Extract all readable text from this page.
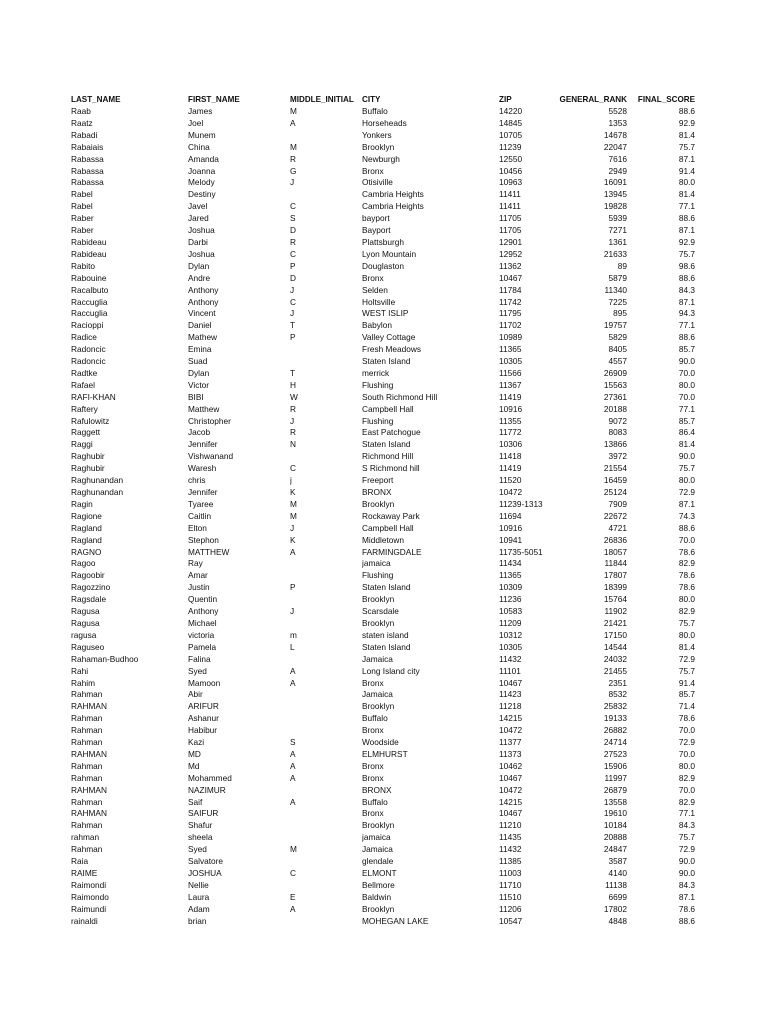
LAST_NAME	FIRST_NAME	MIDDLE_INITIAL	CITY	ZIP	GENERAL_RANK	FINAL_SCORE
Raab	James	M	Buffalo	14220	5528	88.6
Raatz	Joel	A	Horseheads	14845	1353	92.9
Rabadi	Munem		Yonkers	10705	14678	81.4
Rabaiais	China	M	Brooklyn	11239	22047	75.7
Rabassa	Amanda	R	Newburgh	12550	7616	87.1
Rabassa	Joanna	G	Bronx	10456	2949	91.4
Rabassa	Melody	J	Otisiville	10963	16091	80.0
Rabel	Destiny		Cambria Heights	11411	13945	81.4
Rabel	Javel	C	Cambria Heights	11411	19828	77.1
Raber	Jared	S	bayport	11705	5939	88.6
Raber	Joshua	D	Bayport	11705	7271	87.1
Rabideau	Darbi	R	Plattsburgh	12901	1361	92.9
Rabideau	Joshua	C	Lyon Mountain	12952	21633	75.7
Rabito	Dylan	P	Douglaston	11362	89	98.6
Rabouine	Andre	D	Bronx	10467	5879	88.6
Racalbuto	Anthony	J	Selden	11784	11340	84.3
Raccuglia	Anthony	C	Holtsville	11742	7225	87.1
Raccuglia	Vincent	J	WEST ISLIP	11795	895	94.3
Racioppi	Daniel	T	Babylon	11702	19757	77.1
Radice	Mathew	P	Valley Cottage	10989	5829	88.6
Radoncic	Emina		Fresh Meadows	11365	8405	85.7
Radoncic	Suad		Staten Island	10305	4557	90.0
Radtke	Dylan	T	merrick	11566	26909	70.0
Rafael	Victor	H	Flushing	11367	15563	80.0
RAFI-KHAN	BIBI	W	South Richmond Hill	11419	27361	70.0
Raftery	Matthew	R	Campbell Hall	10916	20188	77.1
Rafulowitz	Christopher	J	Flushing	11355	9072	85.7
Raggett	Jacob	R	East Patchogue	11772	8083	86.4
Raggi	Jennifer	N	Staten Island	10306	13866	81.4
Raghubir	Vishwanand		Richmond Hill	11418	3972	90.0
Raghubir	Waresh	C	S Richmond hill	11419	21554	75.7
Raghunandan	chris	j	Freeport	11520	16459	80.0
Raghunandan	Jennifer	K	BRONX	10472	25124	72.9
Ragin	Tyaree	M	Brooklyn	11239-1313	7909	87.1
Ragione	Caitlin	M	Rockaway Park	11694	22672	74.3
Ragland	Elton	J	Campbell Hall	10916	4721	88.6
Ragland	Stephon	K	Middletown	10941	26836	70.0
RAGNO	MATTHEW	A	FARMINGDALE	11735-5051	18057	78.6
Ragoo	Ray		jamaica	11434	11844	82.9
Ragoobir	Amar		Flushing	11365	17807	78.6
Ragozzino	Justin	P	Staten Island	10309	18399	78.6
Ragsdale	Quentin		Brooklyn	11236	15764	80.0
Ragusa	Anthony	J	Scarsdale	10583	11902	82.9
Ragusa	Michael		Brooklyn	11209	21421	75.7
ragusa	victoria	m	staten island	10312	17150	80.0
Raguseo	Pamela	L	Staten Island	10305	14544	81.4
Rahaman-Budhoo	Falina		Jamaica	11432	24032	72.9
Rahi	Syed	A	Long Island city	11101	21455	75.7
Rahim	Mamoon	A	Bronx	10467	2351	91.4
Rahman	Abir		Jamaica	11423	8532	85.7
RAHMAN	ARIFUR		Brooklyn	11218	25832	71.4
Rahman	Ashanur		Buffalo	14215	19133	78.6
Rahman	Habibur		Bronx	10472	26882	70.0
Rahman	Kazi	S	Woodside	11377	24714	72.9
RAHMAN	MD	A	ELMHURST	11373	27523	70.0
Rahman	Md	A	Bronx	10462	15906	80.0
Rahman	Mohammed	A	Bronx	10467	11997	82.9
RAHMAN	NAZIMUR		BRONX	10472	26879	70.0
Rahman	Saif	A	Buffalo	14215	13558	82.9
RAHMAN	SAIFUR		Bronx	10467	19610	77.1
Rahman	Shafur		Brooklyn	11210	10184	84.3
rahman	sheela		jamaica	11435	20888	75.7
Rahman	Syed	M	Jamaica	11432	24847	72.9
Raia	Salvatore		glendale	11385	3587	90.0
RAIME	JOSHUA	C	ELMONT	11003	4140	90.0
Raimondi	Nellie		Bellmore	11710	11138	84.3
Raimondo	Laura	E	Baldwin	11510	6699	87.1
Raimundi	Adam	A	Brooklyn	11206	17802	78.6
rainaldi	brian		MOHEGAN LAKE	10547	4848	88.6
